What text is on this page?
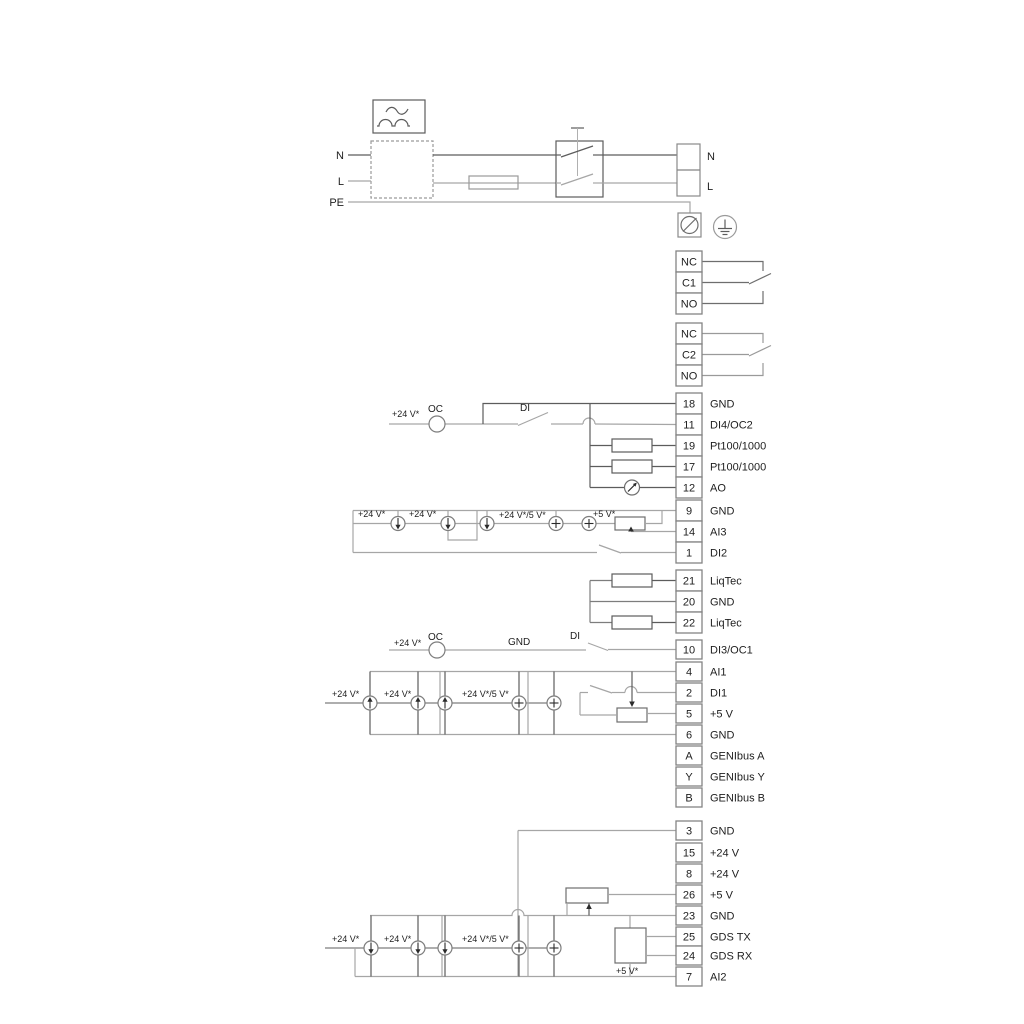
N
L
PE
N
L
+24 V* OC	DI
+24 V*	+24 V*	+24 V*/5 V*	+5 V*
+24 V* OC	GND
DI
+24 V*	+24 V*	+24 V*/5 V*
+24 V*	+24 V*	+24 V*/5 V*
+5 V*
NC
C1
NO
NC
C2
NO
18 GND
11 DI4/OC2
19 Pt100/1000
17 Pt100/1000
12 AO
9 GND
14 AI3
1 DI2
21 LiqTec
20 GND
22 LiqTec
10 DI3/OC1
4 AI1
2 DI1
5 +5 V
6 GND
A GENIbus A
Y GENIbus Y
B GENIbus B
3 GND
15 +24 V
8 +24 V
26 +5 V
23 GND
25 GDS TX
24 GDS RX
7 AI2
